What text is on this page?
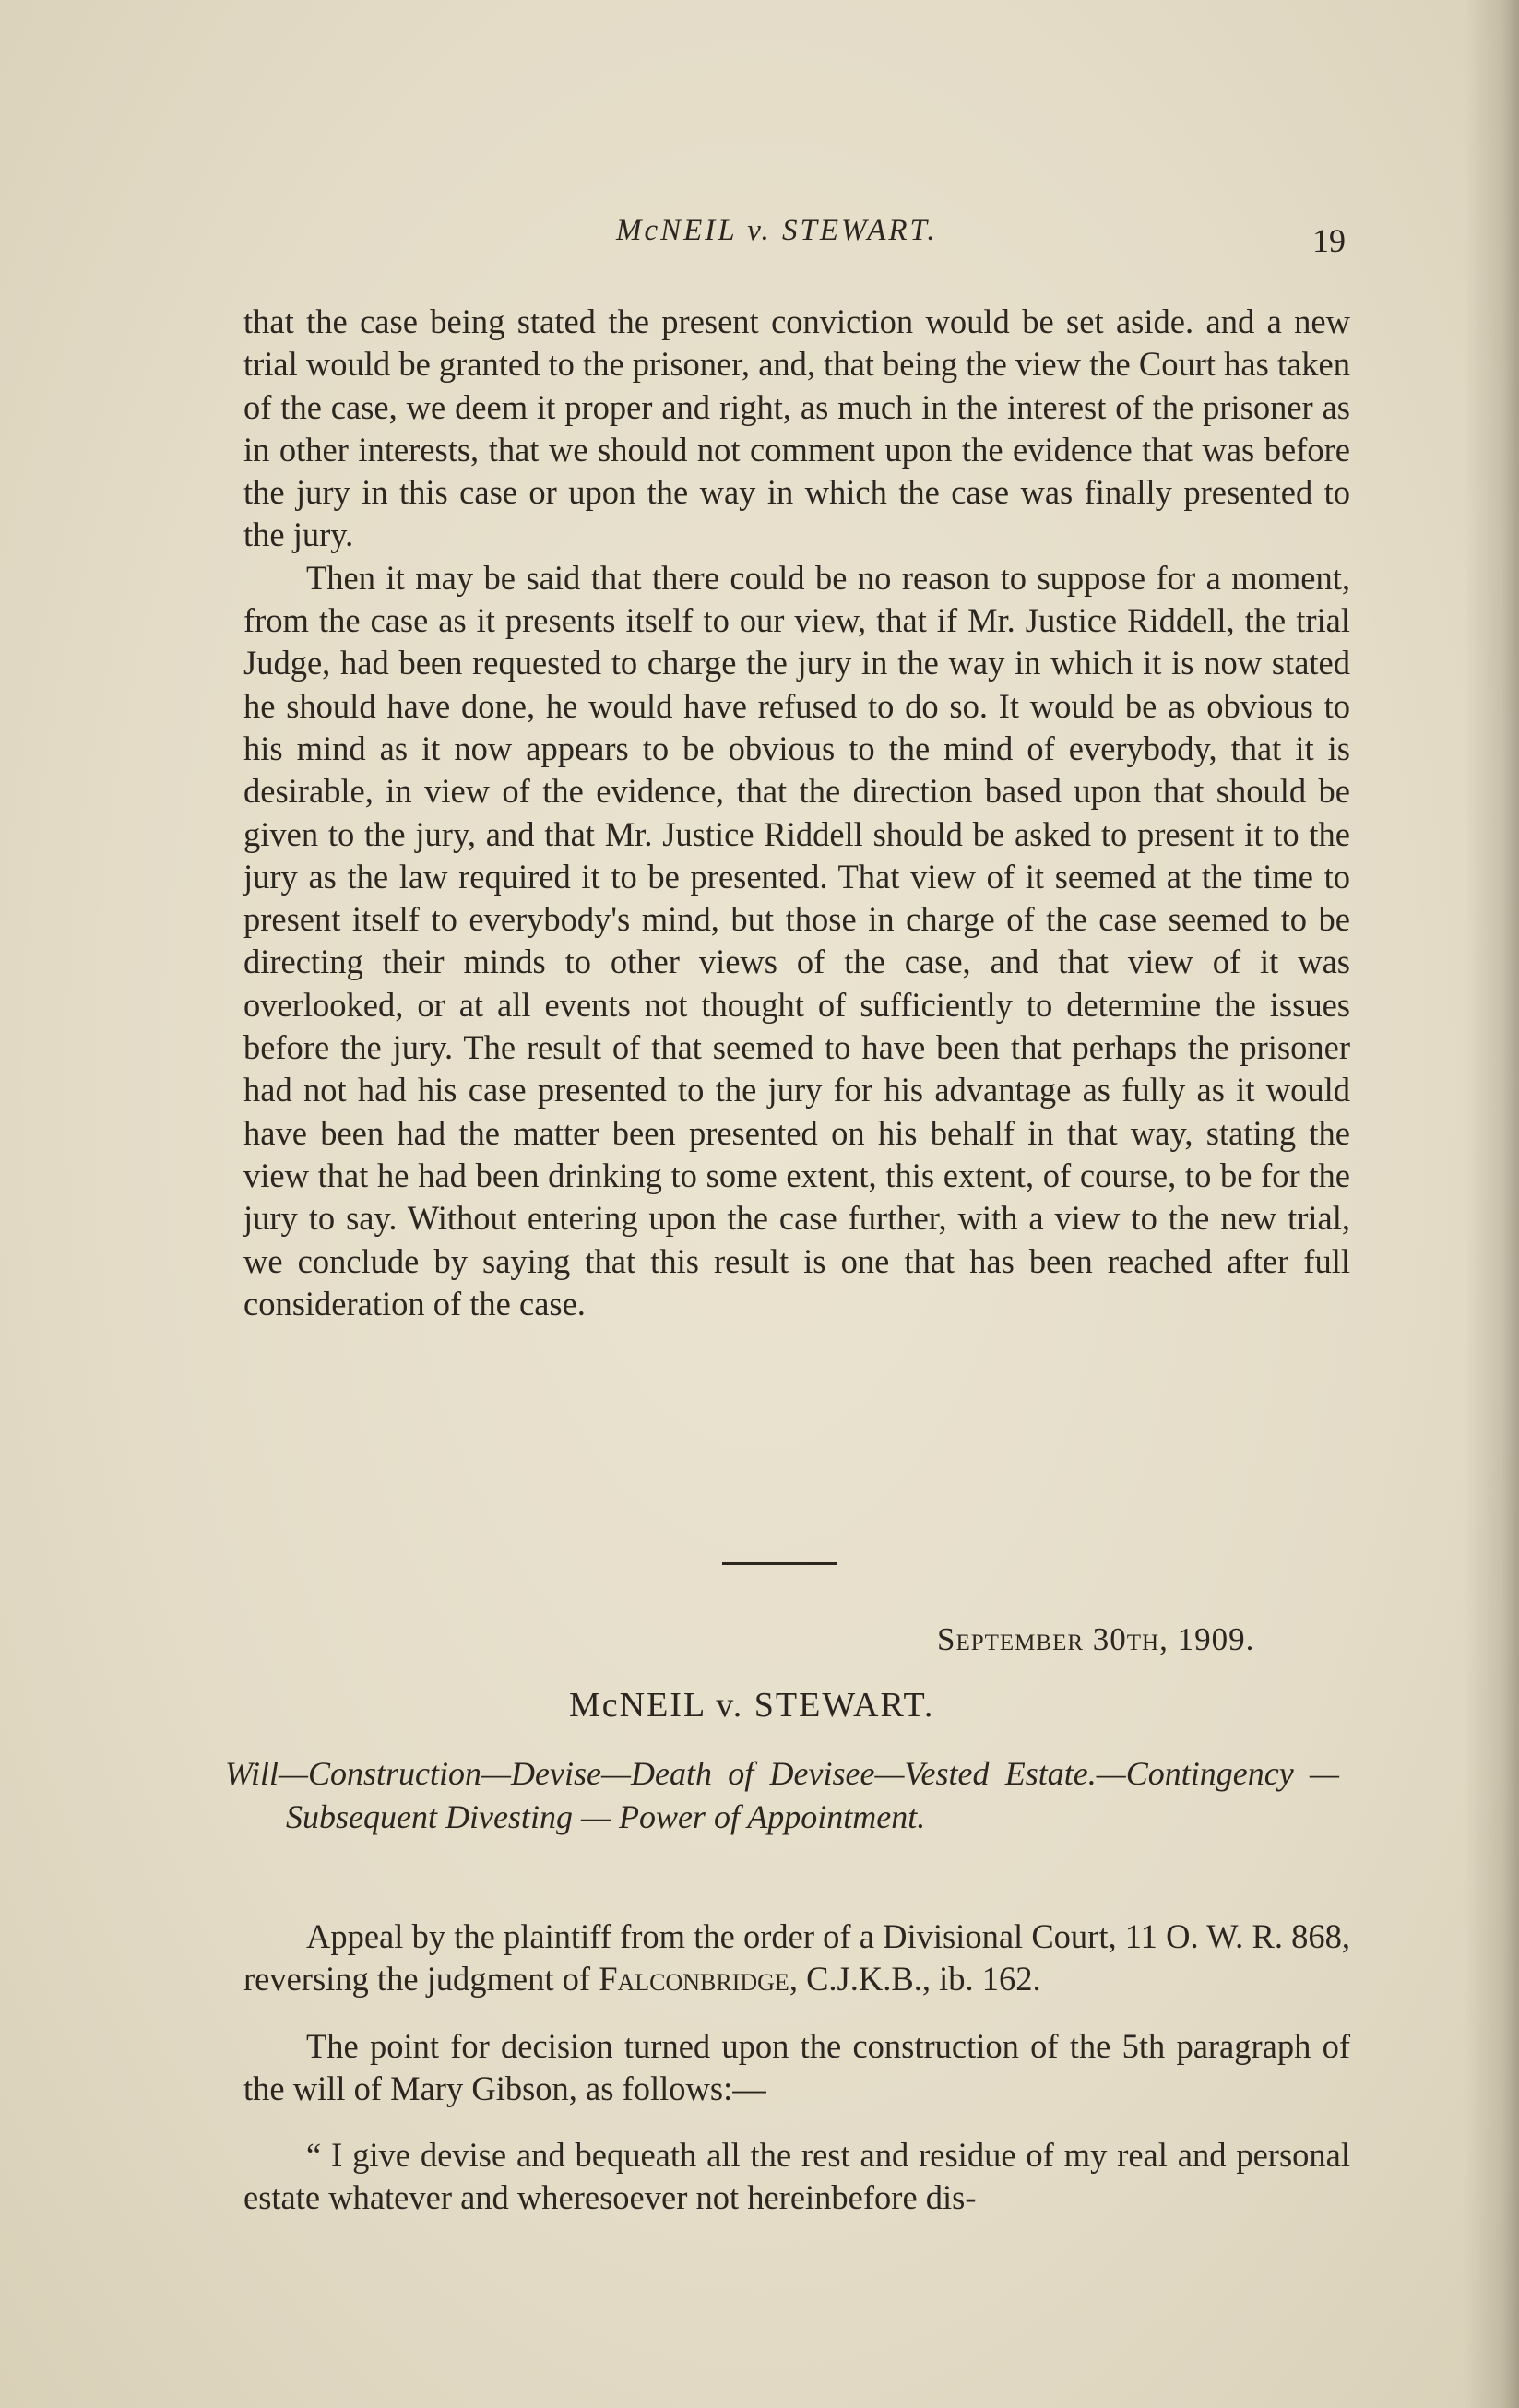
McNEIL v. STEWART.	19

that the case being stated the present conviction would be set aside. and a new trial would be granted to the prisoner, and, that being the view the Court has taken of the case, we deem it proper and right, as much in the interest of the prisoner as in other interests, that we should not comment upon the evidence that was before the jury in this case or upon the way in which the case was finally presented to the jury.

Then it may be said that there could be no reason to suppose for a moment, from the case as it presents itself to our view, that if Mr. Justice Riddell, the trial Judge, had been requested to charge the jury in the way in which it is now stated he should have done, he would have refused to do so. It would be as obvious to his mind as it now appears to be obvious to the mind of everybody, that it is desirable, in view of the evidence, that the direction based upon that should be given to the jury, and that Mr. Justice Riddell should be asked to present it to the jury as the law required it to be presented. That view of it seemed at the time to present itself to everybody's mind, but those in charge of the case seemed to be directing their minds to other views of the case, and that view of it was overlooked, or at all events not thought of sufficiently to determine the issues before the jury. The result of that seemed to have been that perhaps the prisoner had not had his case presented to the jury for his advantage as fully as it would have been had the matter been presented on his behalf in that way, stating the view that he had been drinking to some extent, this extent, of course, to be for the jury to say. Without entering upon the case further, with a view to the new trial, we conclude by saying that this result is one that has been reached after full consideration of the case.

September 30th, 1909.
McNEIL v. STEWART.

Will—Construction—Devise—Death of Devisee—Vested Estate.—Contingency — Subsequent Divesting — Power of Appointment.

Appeal by the plaintiff from the order of a Divisional Court, 11 O. W. R. 868, reversing the judgment of Falconbridge, C.J.K.B., ib. 162.

The point for decision turned upon the construction of the 5th paragraph of the will of Mary Gibson, as follows:—

“ I give devise and bequeath all the rest and residue of my real and personal estate whatever and wheresoever not hereinbefore dis-
